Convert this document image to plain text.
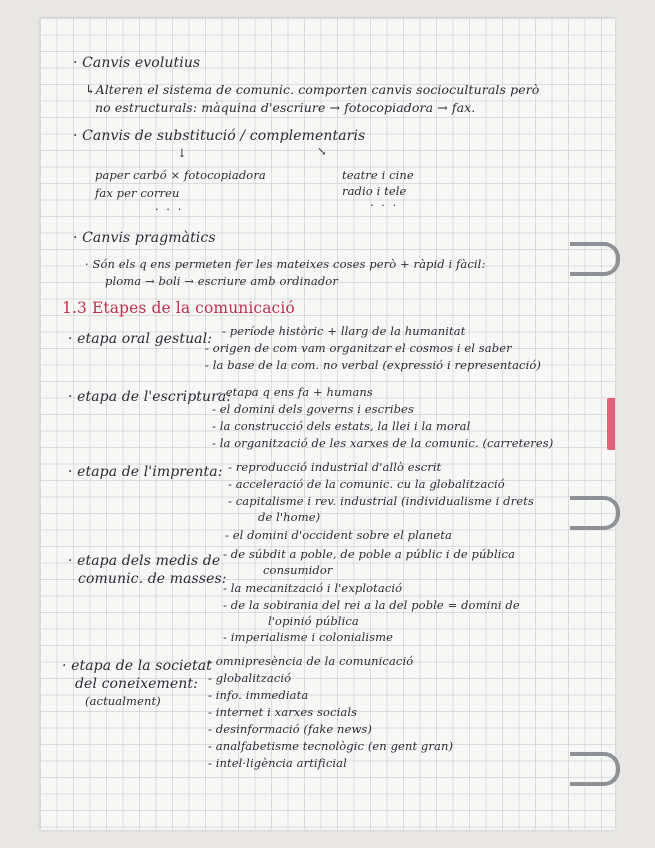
· Canvis evolutius
↳Alteren el sistema de comunic. comporten canvis socioculturals però
no estructurals: màquina d'escriure → fotocopiadora → fax.
· Canvis de substitució / complementaris
↓	↘
paper carbó × fotocopiadora
fax per correu
· · ·
teatre i cine
radio i tele
· · ·
· Canvis pragmàtics
· Són els q ens permeten fer les mateixes coses però + ràpid i fàcil:
ploma → boli → escriure amb ordinador
1.3 Etapes de la comunicació
· etapa oral gestual: - període històric + llarg de la humanitat
- origen de com vam organitzar el cosmos i el saber
- la base de la com. no verbal (expressió i representació)
· etapa de l'escriptura:
- etapa q ens fa + humans
- el domini dels governs i escribes
- la construcció dels estats, la llei i la moral
- la organització de les xarxes de la comunic. (carreteres)
· etapa de l'imprenta: - reproducció industrial d'allò escrit
- acceleració de la comunic. cu la globalització
- capitalisme i rev. industrial (individualisme i drets
de l'home)
- el domini d'occident sobre el planeta
· etapa dels medis de
comunic. de masses:
- de súbdit a poble, de poble a públic i de pública
consumidor
- la mecanització i l'explotació
- de la sobirania del rei a la del poble = domini de
l'opinió pública
- imperialisme i colonialisme
· etapa de la societat
del coneixement:
(actualment)
- omnipresència de la comunicació
- globalització
- info. immediata
- internet i xarxes socials
- desinformació (fake news)
- analfabetisme tecnològic (en gent gran)
- intel·ligència artificial
